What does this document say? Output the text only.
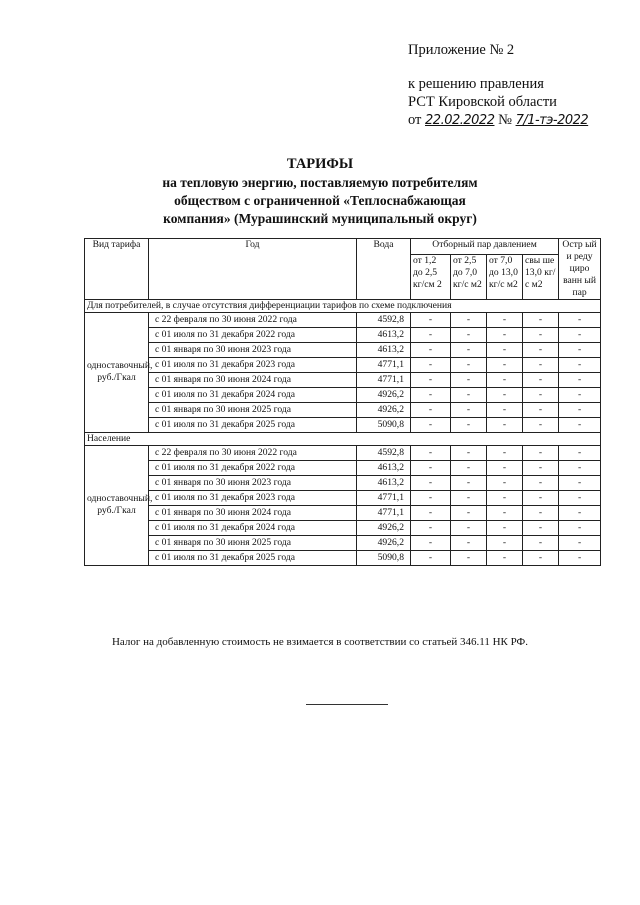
Приложение № 2
к решению правления
РСТ Кировской области
от 22.02.2022 № 7/1-тэ-2022
ТАРИФЫ
на тепловую энергию, поставляемую потребителям
обществом с ограниченной «Теплоснабжающая
компания» (Мурашинский муниципальный округ)
Вид тарифа	Год	Вода	Отборный пар давлением				Остр ый и реду циро ванн ый пар
			от 1,2 до 2,5 кг/см 2	от 2,5 до 7,0 кг/с м2	от 7,0 до 13,0 кг/с м2	свы ше 13,0 кг/с м2	
Для потребителей, в случае отсутствия дифференциации тарифов по схеме подключения							
одноставочный, руб./Гкал	с 22 февраля по 30 июня 2022 года	4592,8	-	-	-	-	-
	с 01 июля по 31 декабря 2022 года	4613,2	-	-	-	-	-
	с 01 января по 30 июня 2023 года	4613,2	-	-	-	-	-
	с 01 июля по 31 декабря 2023 года	4771,1	-	-	-	-	-
	с 01 января по 30 июня 2024 года	4771,1	-	-	-	-	-
	с 01 июля по 31 декабря 2024 года	4926,2	-	-	-	-	-
	с 01 января по 30 июня 2025 года	4926,2	-	-	-	-	-
	с 01 июля по 31 декабря 2025 года	5090,8	-	-	-	-	-
Население							
одноставочный, руб./Гкал	с 22 февраля по 30 июня 2022 года	4592,8	-	-	-	-	-
	с 01 июля по 31 декабря 2022 года	4613,2	-	-	-	-	-
	с 01 января по 30 июня 2023 года	4613,2	-	-	-	-	-
	с 01 июля по 31 декабря 2023 года	4771,1	-	-	-	-	-
	с 01 января по 30 июня 2024 года	4771,1	-	-	-	-	-
	с 01 июля по 31 декабря 2024 года	4926,2	-	-	-	-	-
	с 01 января по 30 июня 2025 года	4926,2	-	-	-	-	-
	с 01 июля по 31 декабря 2025 года	5090,8	-	-	-	-	-
Налог на добавленную стоимость не взимается в соответствии со статьей 346.11 НК РФ.
